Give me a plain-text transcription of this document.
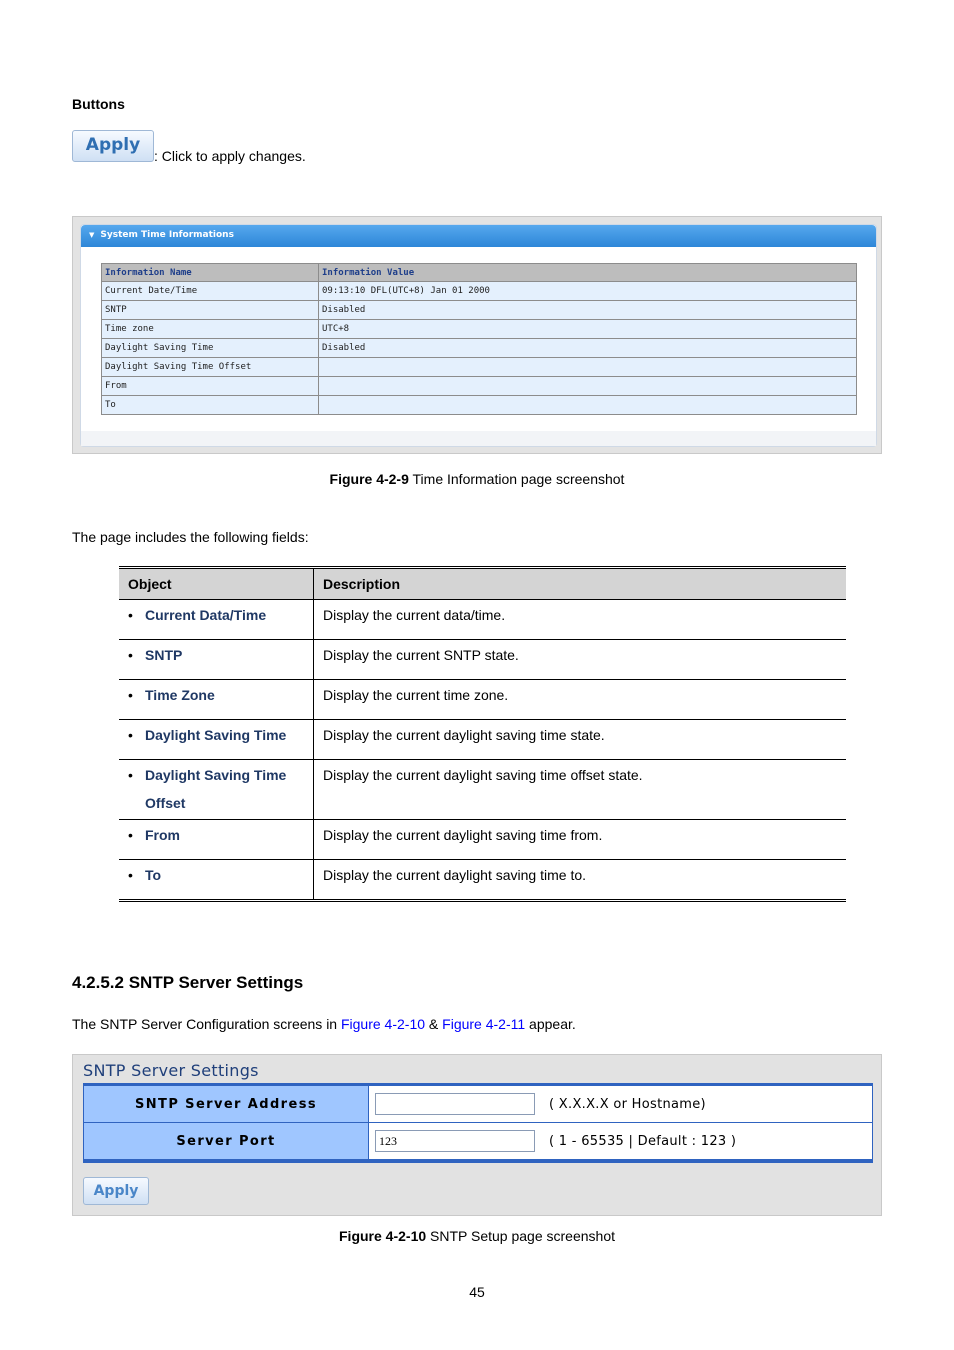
Buttons
Apply
: Click to apply changes.
▼ System Time Informations
Information Name	Information Value
Current Date/Time	09:13:10 DFL(UTC+8) Jan 01 2000
SNTP	Disabled
Time zone	UTC+8
Daylight Saving Time	Disabled
Daylight Saving Time Offset	
From	
To	
Figure 4-2-9 Time Information page screenshot
The page includes the following fields:
Object	Description
• Current Data/Time	Display the current data/time.
• SNTP	Display the current SNTP state.
• Time Zone	Display the current time zone.
• Daylight Saving Time	Display the current daylight saving time state.
• Daylight Saving Time
Offset	Display the current daylight saving time offset state.
• From	Display the current daylight saving time from.
• To	Display the current daylight saving time to.
4.2.5.2 SNTP Server Settings
The SNTP Server Configuration screens in Figure 4-2-10 & Figure 4-2-11 appear.
SNTP Server Settings
SNTP Server Address	( X.X.X.X or Hostname)
Server Port	123 ( 1 - 65535 | Default : 123 )
Apply
Figure 4-2-10 SNTP Setup page screenshot
45
